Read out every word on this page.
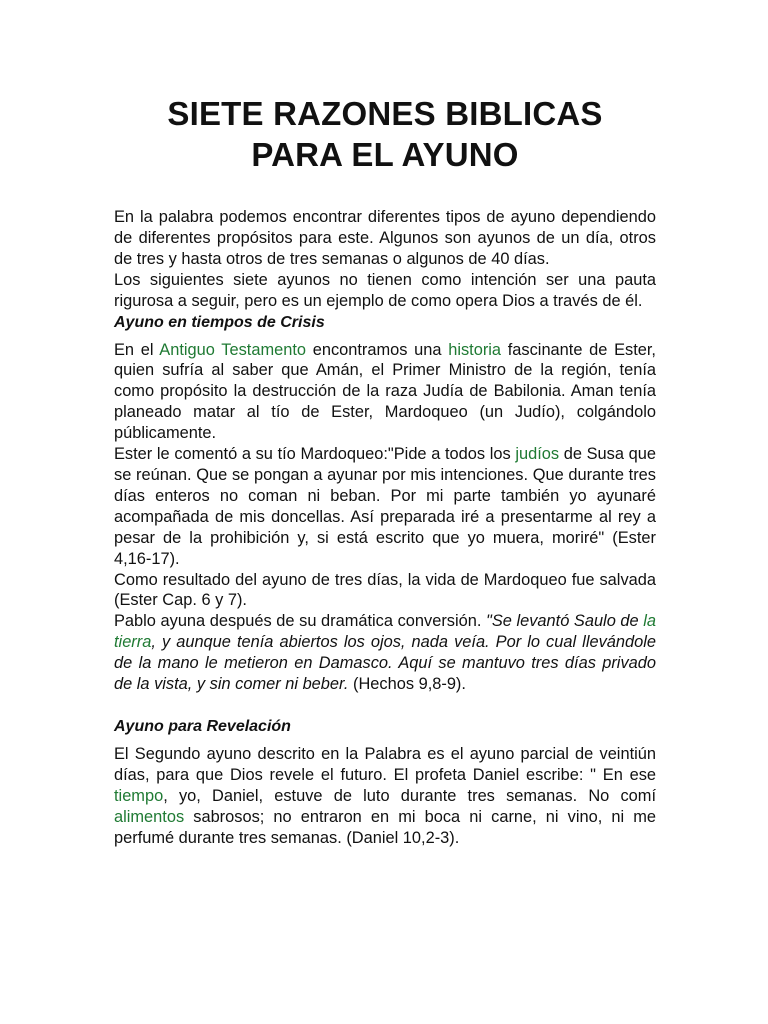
SIETE RAZONES BIBLICAS
PARA EL AYUNO

En la palabra podemos encontrar diferentes tipos de ayuno dependiendo de diferentes propósitos para este. Algunos son ayunos de un día, otros de tres y hasta otros de tres semanas o algunos de 40 días.

Los siguientes siete ayunos no tienen como intención ser una pauta rigurosa a seguir, pero es un ejemplo de como opera Dios a través de él.

Ayuno en tiempos de Crisis

En el Antiguo Testamento encontramos una historia fascinante de Ester, quien sufría al saber que Amán, el Primer Ministro de la región, tenía como propósito la destrucción de la raza Judía de Babilonia. Aman tenía planeado matar al tío de Ester, Mardoqueo (un Judío), colgándolo públicamente.

Ester le comentó a su tío Mardoqueo:"Pide a todos los judíos de Susa que se reúnan. Que se pongan a ayunar por mis intenciones. Que durante tres días enteros no coman ni beban. Por mi parte también yo ayunaré acompañada de mis doncellas. Así preparada iré a presentarme al rey a pesar de la prohibición y, si está escrito que yo muera, moriré" (Ester 4,16-17).

Como resultado del ayuno de tres días, la vida de Mardoqueo fue salvada (Ester Cap. 6 y 7).

Pablo ayuna después de su dramática conversión. "Se levantó Saulo de la tierra, y aunque tenía abiertos los ojos, nada veía. Por lo cual llevándole de la mano le metieron en Damasco. Aquí se mantuvo tres días privado de la vista, y sin comer ni beber. (Hechos 9,8-9).

Ayuno para Revelación

El Segundo ayuno descrito en la Palabra es el ayuno parcial de veintiún días, para que Dios revele el futuro. El profeta Daniel escribe: " En ese tiempo, yo, Daniel, estuve de luto durante tres semanas. No comí alimentos sabrosos; no entraron en mi boca ni carne, ni vino, ni me perfumé durante tres semanas. (Daniel 10,2-3).
